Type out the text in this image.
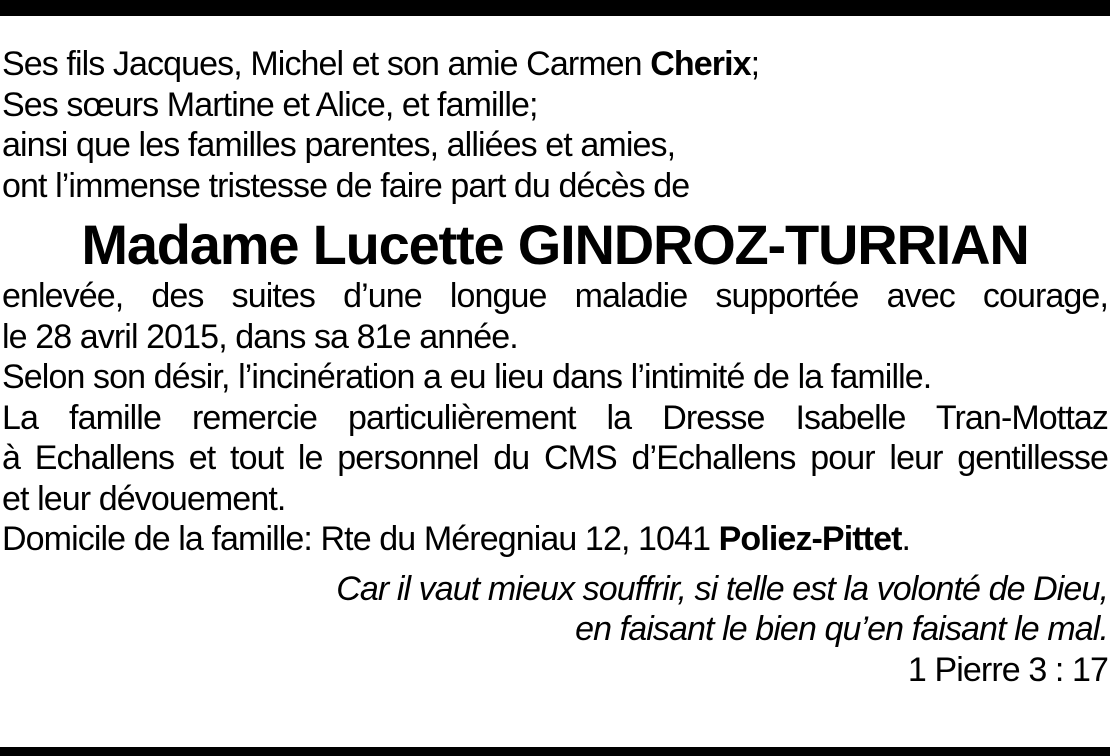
Ses fils Jacques, Michel et son amie Carmen Cherix;
Ses sœurs Martine et Alice, et famille;
ainsi que les familles parentes, alliées et amies,
ont l’immense tristesse de faire part du décès de
Madame Lucette GINDROZ-TURRIAN
enlevée, des suites d’une longue maladie supportée avec courage,
le 28 avril 2015, dans sa 81e année.
Selon son désir, l’incinération a eu lieu dans l’intimité de la famille.
La famille remercie particulièrement la Dresse Isabelle Tran-Mottaz
à Echallens et tout le personnel du CMS d’Echallens pour leur gentillesse
et leur dévouement.
Domicile de la famille: Rte du Méregniau 12, 1041 Poliez-Pittet.
Car il vaut mieux souffrir, si telle est la volonté de Dieu,
en faisant le bien qu’en faisant le mal.
1 Pierre 3 : 17
